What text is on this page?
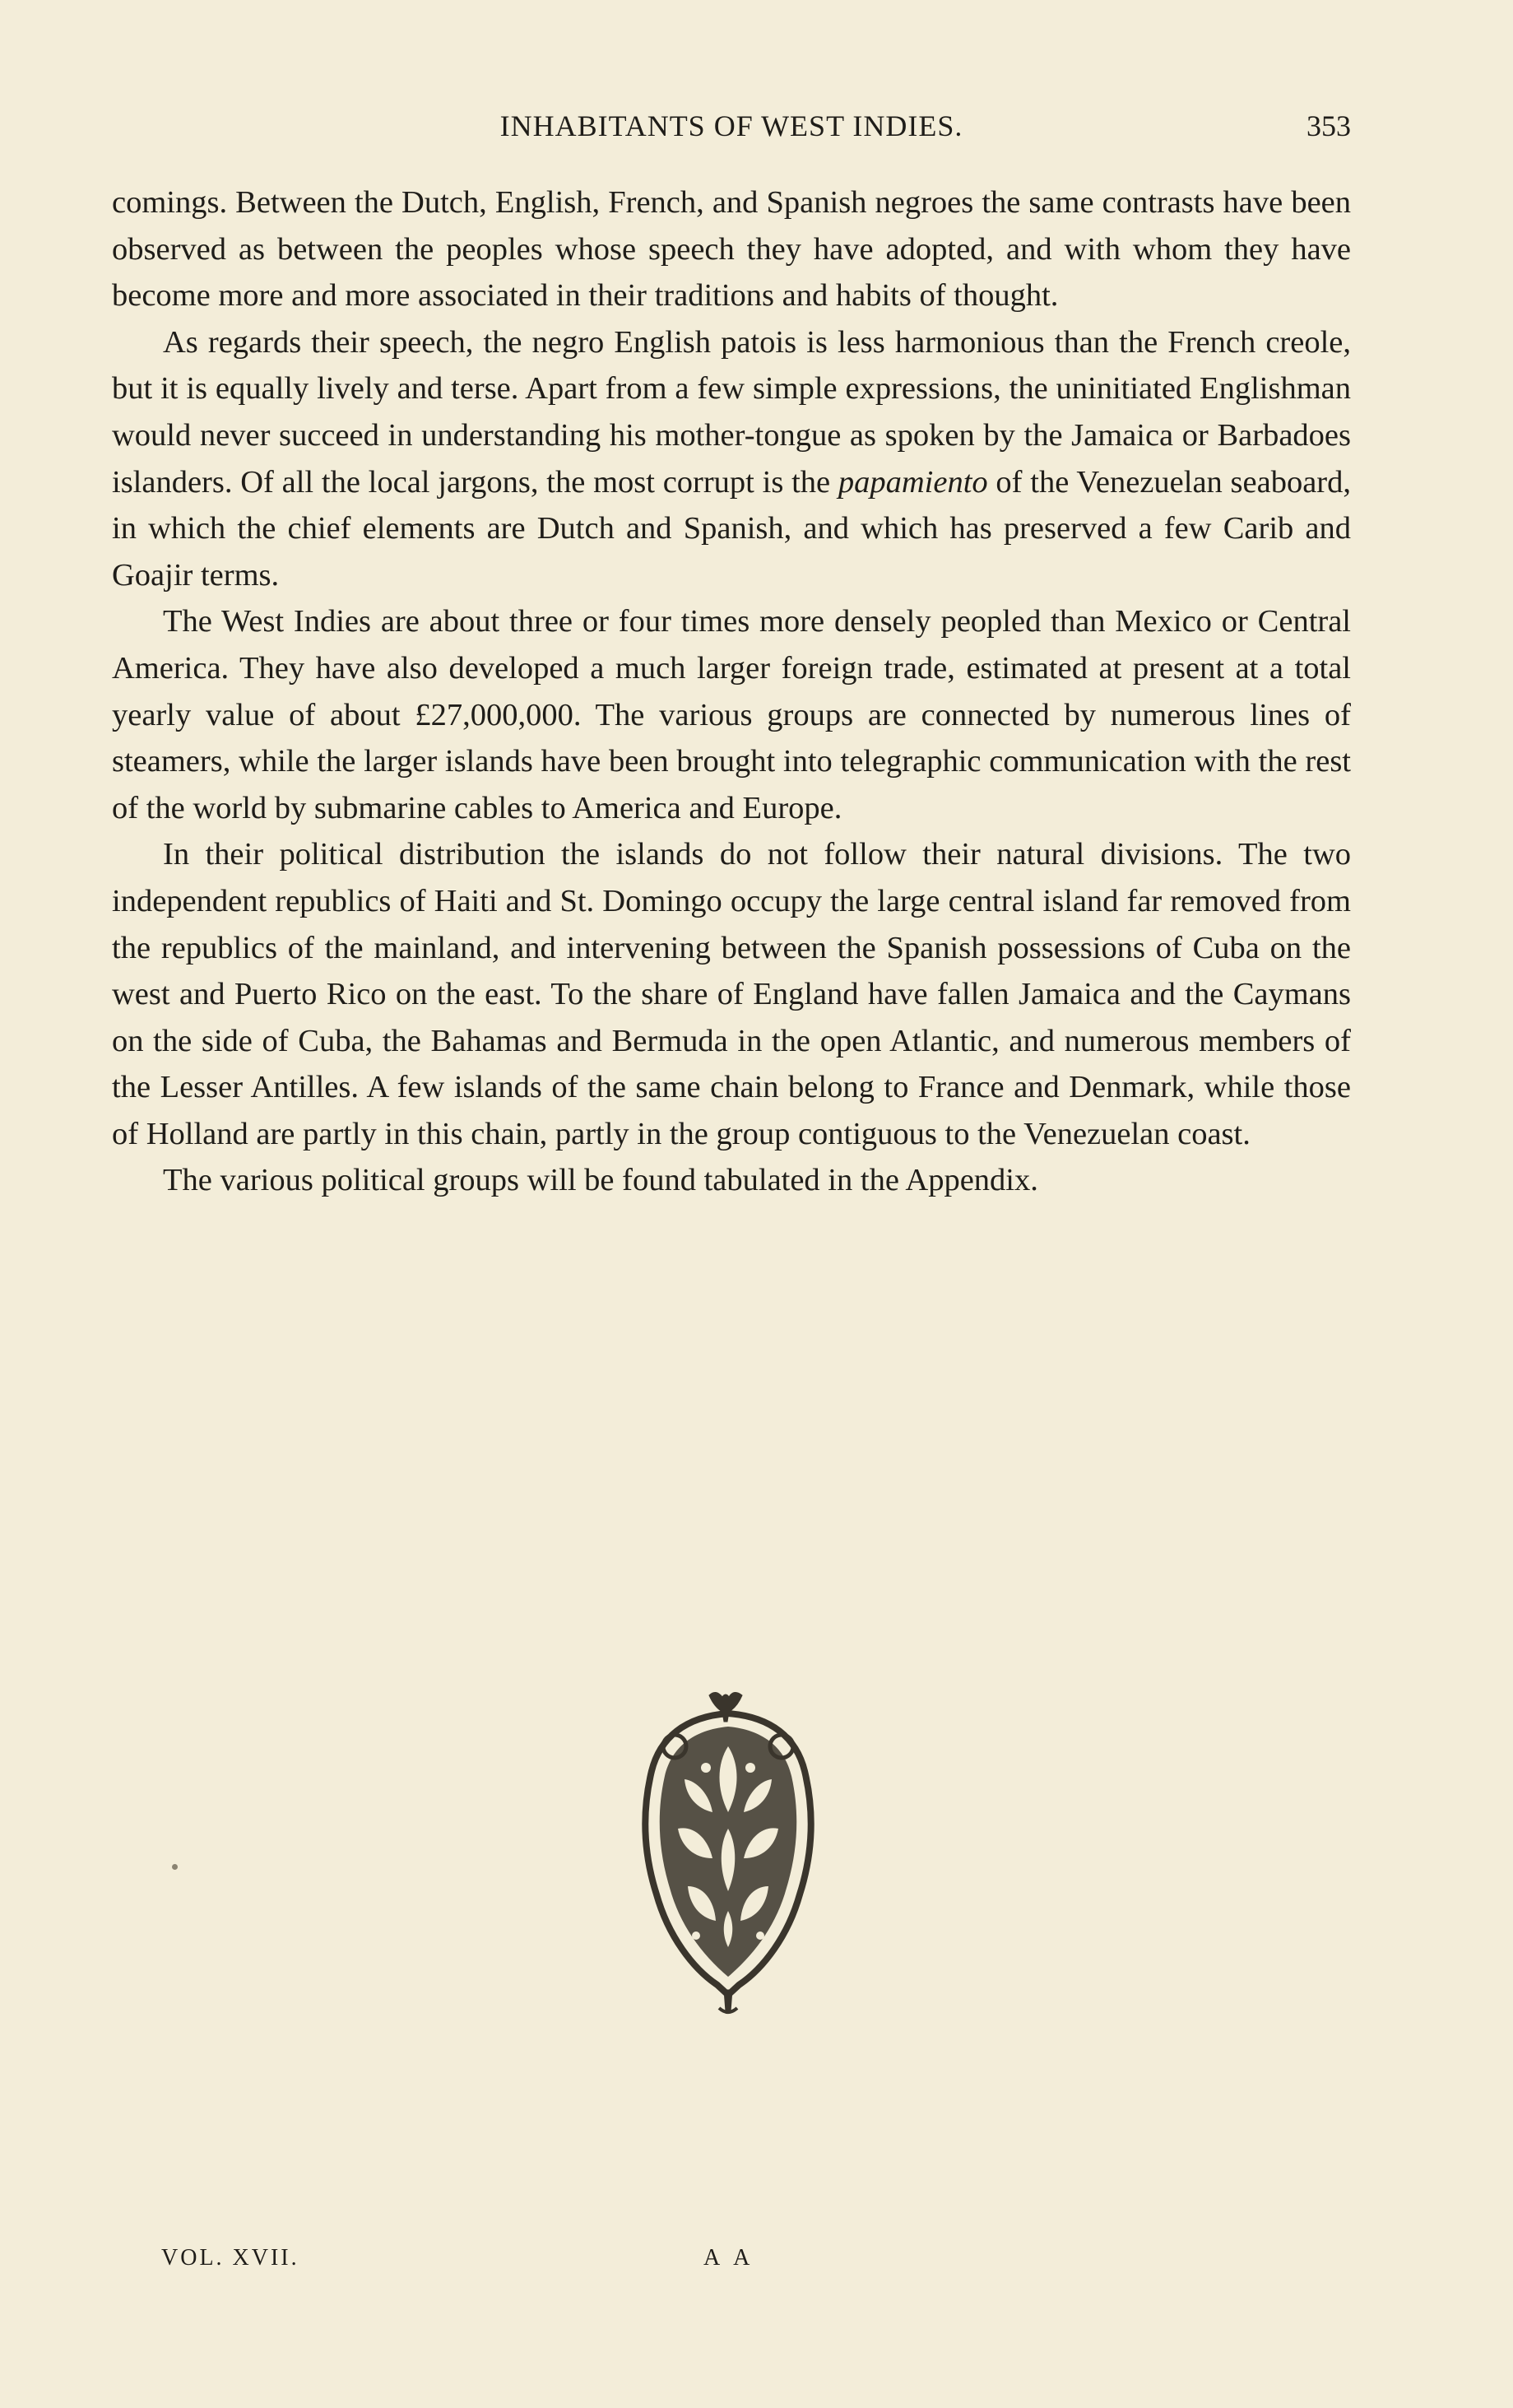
INHABITANTS OF WEST INDIES.	353

comings. Between the Dutch, English, French, and Spanish negroes the same contrasts have been observed as between the peoples whose speech they have adopted, and with whom they have become more and more associated in their traditions and habits of thought.

As regards their speech, the negro English patois is less harmonious than the French creole, but it is equally lively and terse. Apart from a few simple expressions, the uninitiated Englishman would never succeed in understanding his mother-tongue as spoken by the Jamaica or Barbadoes islanders. Of all the local jargons, the most corrupt is the papamiento of the Venezuelan seaboard, in which the chief elements are Dutch and Spanish, and which has preserved a few Carib and Goajir terms.

The West Indies are about three or four times more densely peopled than Mexico or Central America. They have also developed a much larger foreign trade, estimated at present at a total yearly value of about £27,000,000. The various groups are connected by numerous lines of steamers, while the larger islands have been brought into telegraphic communication with the rest of the world by submarine cables to America and Europe.

In their political distribution the islands do not follow their natural divisions. The two independent republics of Haiti and St. Domingo occupy the large central island far removed from the republics of the mainland, and intervening between the Spanish possessions of Cuba on the west and Puerto Rico on the east. To the share of England have fallen Jamaica and the Caymans on the side of Cuba, the Bahamas and Bermuda in the open Atlantic, and numerous members of the Lesser Antilles. A few islands of the same chain belong to France and Denmark, while those of Holland are partly in this chain, partly in the group contiguous to the Venezuelan coast.

The various political groups will be found tabulated in the Appendix.

VOL. XVII.	A A
